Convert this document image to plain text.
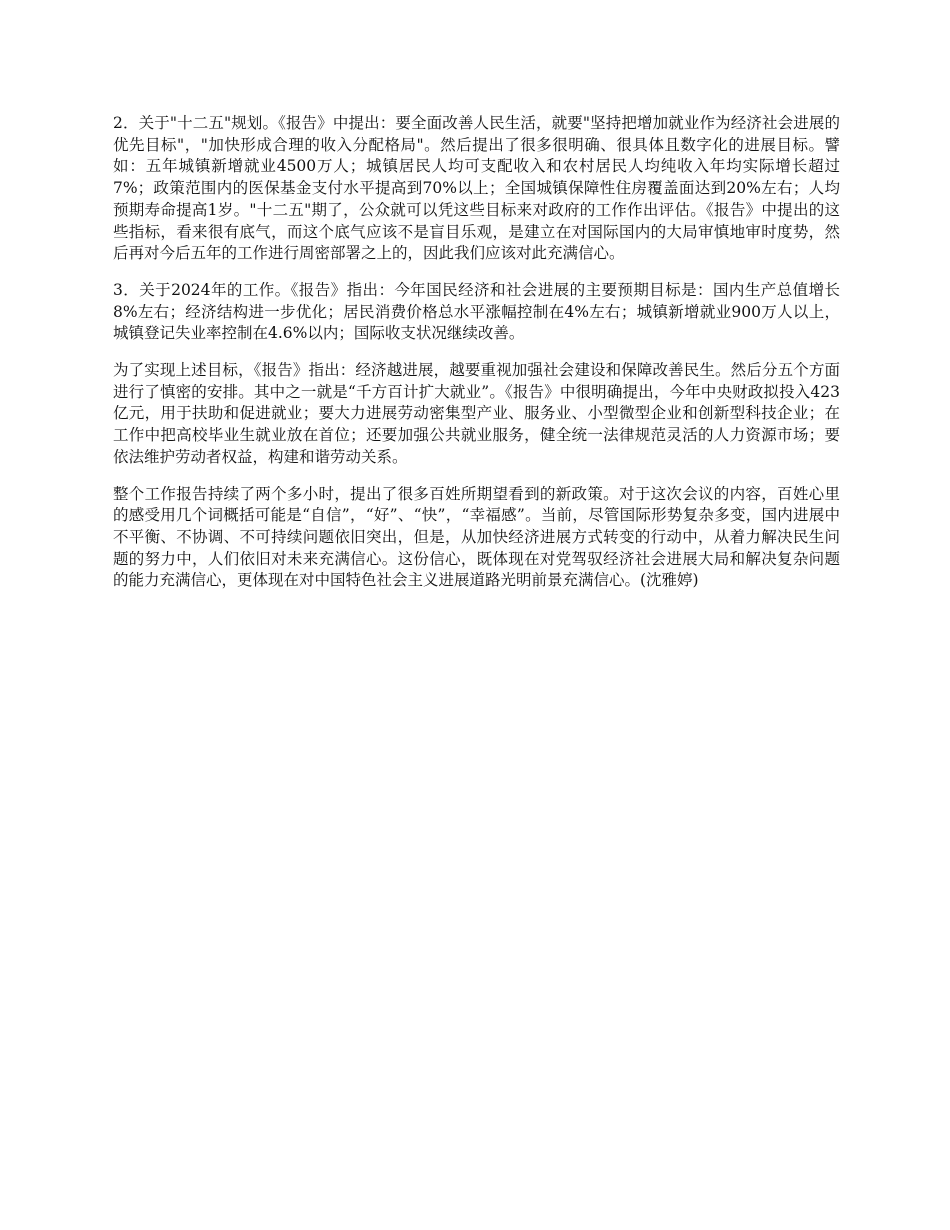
2．关于"十二五"规划。《报告》中提出：要全面改善人民生活，就要"坚持把增加就业作为经济社会进展的优先目标"，"加快形成合理的收入分配格局"。然后提出了很多很明确、很具体且数字化的进展目标。譬如：五年城镇新增就业4500万人；城镇居民人均可支配收入和农村居民人均纯收入年均实际增长超过7%；政策范围内的医保基金支付水平提高到70%以上；全国城镇保障性住房覆盖面达到20%左右；人均预期寿命提高1岁。"十二五"期了，公众就可以凭这些目标来对政府的工作作出评估。《报告》中提出的这些指标，看来很有底气，而这个底气应该不是盲目乐观，是建立在对国际国内的大局审慎地审时度势，然后再对今后五年的工作进行周密部署之上的，因此我们应该对此充满信心。

3．关于2024年的工作。《报告》指出：今年国民经济和社会进展的主要预期目标是：国内生产总值增长8%左右；经济结构进一步优化；居民消费价格总水平涨幅控制在4%左右；城镇新增就业900万人以上，城镇登记失业率控制在4.6%以内；国际收支状况继续改善。

为了实现上述目标，《报告》指出：经济越进展，越要重视加强社会建设和保障改善民生。然后分五个方面进行了慎密的安排。其中之一就是“千方百计扩大就业”。《报告》中很明确提出，今年中央财政拟投入423亿元，用于扶助和促进就业；要大力进展劳动密集型产业、服务业、小型微型企业和创新型科技企业；在工作中把高校毕业生就业放在首位；还要加强公共就业服务，健全统一法律规范灵活的人力资源市场；要依法维护劳动者权益，构建和谐劳动关系。

整个工作报告持续了两个多小时，提出了很多百姓所期望看到的新政策。对于这次会议的内容，百姓心里的感受用几个词概括可能是“自信”，“好”、“快”，“幸福感”。当前，尽管国际形势复杂多变，国内进展中不平衡、不协调、不可持续问题依旧突出，但是，从加快经济进展方式转变的行动中，从着力解决民生问题的努力中，人们依旧对未来充满信心。这份信心，既体现在对党驾驭经济社会进展大局和解决复杂问题的能力充满信心，更体现在对中国特色社会主义进展道路光明前景充满信心。(沈雅婷)
